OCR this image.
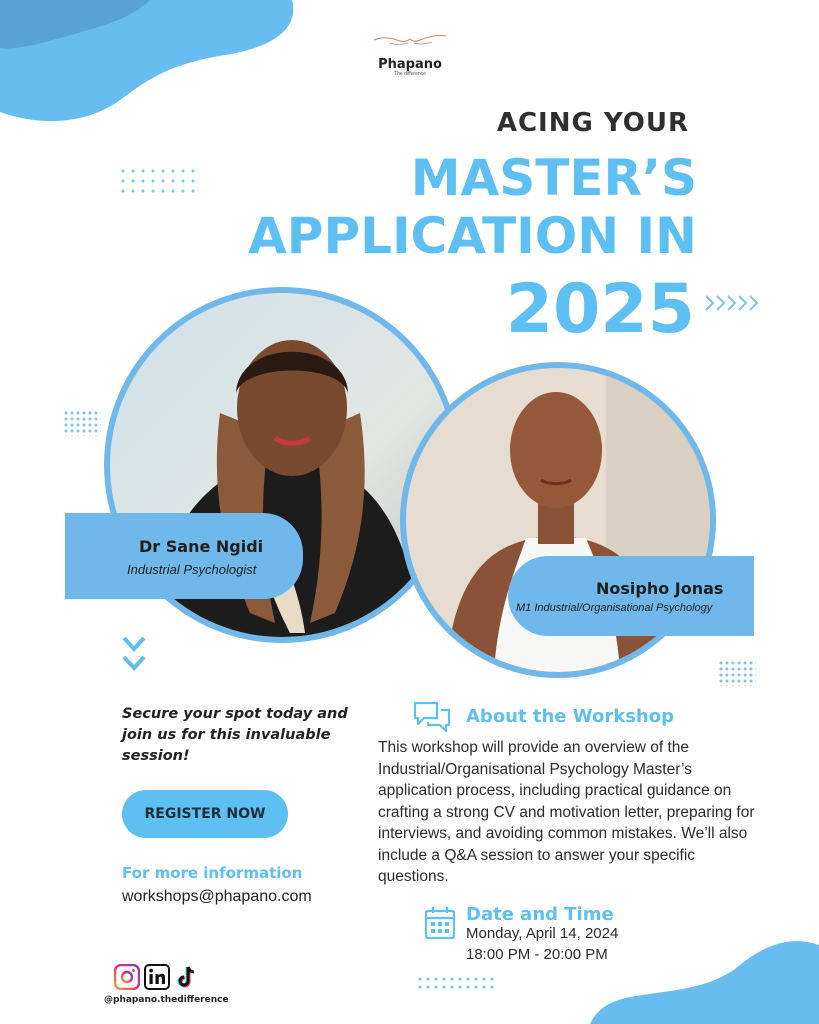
Phapano
The difference
ACING YOUR
MASTER’S
APPLICATION IN
2025
Dr Sane Ngidi
Industrial Psychologist
Nosipho Jonas
M1 Industrial/Organisational Psychology
Secure your spot today and join us for this invaluable session!
REGISTER NOW
For more information
workshops@phapano.com
About the Workshop
This workshop will provide an overview of the Industrial/Organisational Psychology Master’s application process, including practical guidance on crafting a strong CV and motivation letter, preparing for interviews, and avoiding common mistakes. We’ll also include a Q&A session to answer your specific questions.
Date and Time
Monday, April 14, 2024
18:00 PM - 20:00 PM
@phapano.thedifference
